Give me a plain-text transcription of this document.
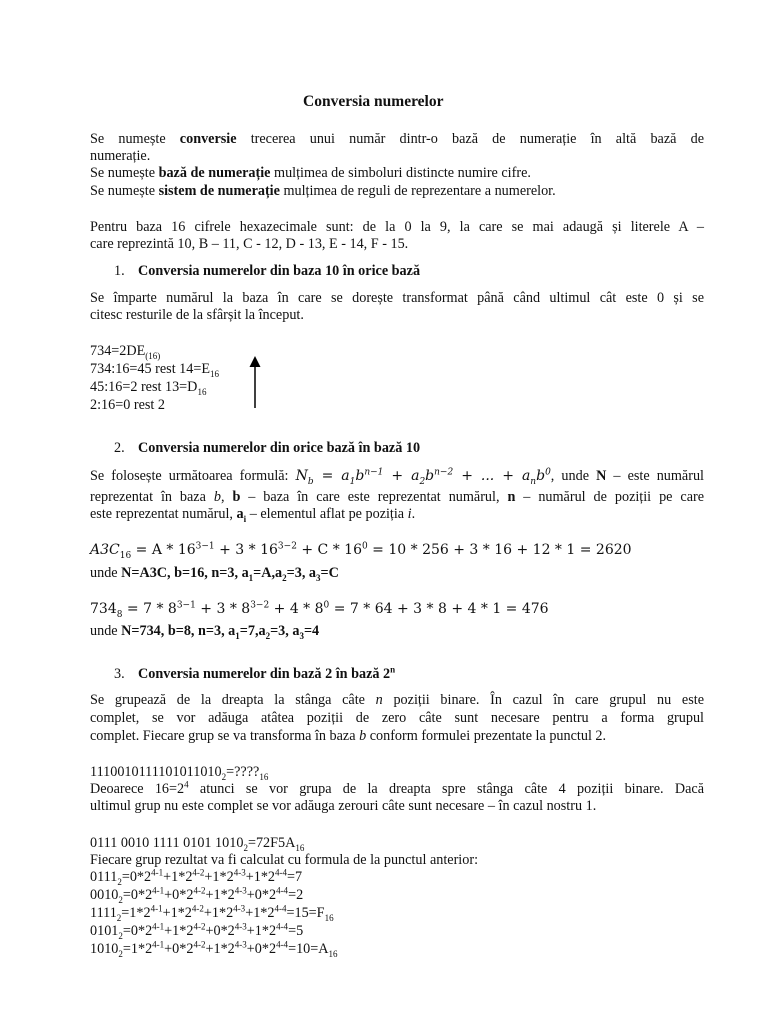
Conversia numerelor
Se numește conversie trecerea unui număr dintr-o bază de numerație în altă bază de
numerație.
Se numește bază de numerație mulțimea de simboluri distincte numire cifre.
Se numește sistem de numerație mulțimea de reguli de reprezentare a numerelor.
Pentru baza 16 cifrele hexazecimale sunt: de la 0 la 9, la care se mai adaugă și literele A –
care reprezintă 10, B – 11, C - 12, D - 13, E - 14, F - 15.
1. Conversia numerelor din baza 10 în orice bază
Se împarte numărul la baza în care se dorește transformat până când ultimul cât este 0 și se
citesc resturile de la sfârșit la început.
$734=2DE_{(16)}$
734:16=45 rest $14=E_{16}$
45:16=2 rest $13=D_{16}$
2:16=0 rest 2
2. Conversia numerelor din orice bază în bază 10
Se folosește următoarea formulă: $N_b = a_1b^{n-1} + a_2b^{n-2}$ + ... + $a_nb^0$, unde N – este numărul
reprezentat în baza b, b – baza în care este reprezentat numărul, n – numărul de poziții pe care
este reprezentat numărul, $a_i$ – elementul aflat pe poziția i.
$A3C_{16} = A * 16^{3-1} + 3 * 16^{3-2} + C * 16^0 = 10 * 256 + 3 * 16 + 12 * 1 = 2620$
unde N=A3C, b=16, n=3, $a_1=A,a_2=3$, $a_3=C$
$734_8 = 7 * 8^{3-1} + 3 * 8^{3-2} + 4 * 8^0 = 7 * 64 + 3 * 8 + 4 * 1 = 476$
unde N=734, b=8, n=3, $a_1=7,a_2=3$, $a_3=4$
3. Conversia numerelor din bază 2 în bază 2$^n$
Se grupează de la dreapta la stânga câte n poziții binare. În cazul în care grupul nu este
complet, se vor adăuga atâtea poziții de zero câte sunt necesare pentru a forma grupul
complet. Fiecare grup se va transforma în baza b conform formulei prezentate la punctul 2.
$1110010111101011010_2=????_{16}$
Deoarece $16=2^4$ atunci se vor grupa de la dreapta spre stânga câte 4 poziții binare. Dacă
ultimul grup nu este complet se vor adăuga zerouri câte sunt necesare – în cazul nostru 1.
0111 0010 1111 0101 $1010_2=72F5A_{16}$
Fiecare grup rezultat va fi calculat cu formula de la punctul anterior:
$0111_2=0*2^{4-1}+1*2^{4-2}+1*2^{4-3}+1*2^{4-4}=7$
$0010_2=0*2^{4-1}+0*2^{4-2}+1*2^{4-3}+0*2^{4-4}=2$
$1111_2=1*2^{4-1}+1*2^{4-2}+1*2^{4-3}+1*2^{4-4}=15=F_{16}$
$0101_2=0*2^{4-1}+1*2^{4-2}+0*2^{4-3}+1*2^{4-4}=5$
$1010_2=1*2^{4-1}+0*2^{4-2}+1*2^{4-3}+0*2^{4-4}=10=A_{16}$
